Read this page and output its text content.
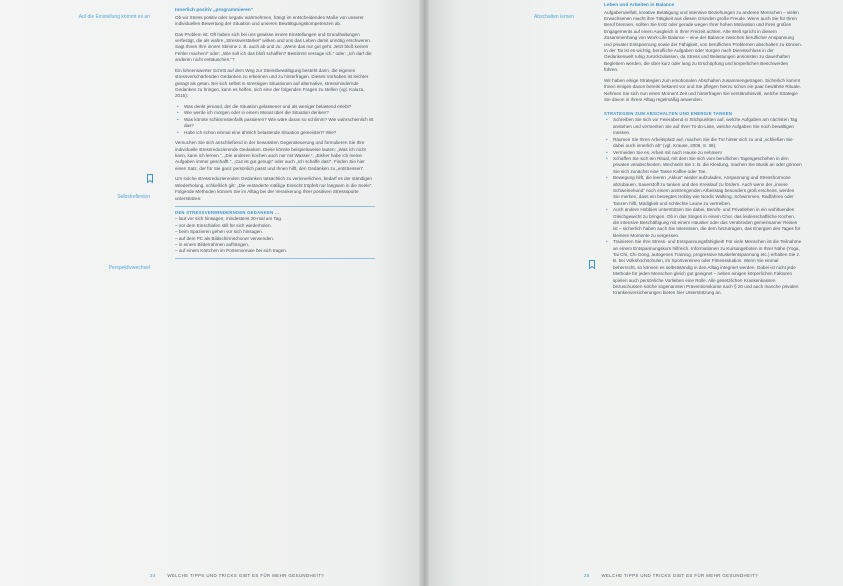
Auf die Einstellung kommt es an
Selbstreflexion
Perspektivwechsel
Innerlich positiv „programmieren“

Ob wir Stress positiv oder negativ wahrnehmen, hängt im entscheidenden Maße von unserer individuellen Bewertung der Situation und unseren Bewältigungskompetenzen ab.

Das Problem ist: Oft haben sich bei uns gewisse innere Einstellungen und Grundhaltungen verfestigt, die als wahre „Stressverstärker“ wirken und uns das Leben damit unnötig erschweren. Sagt Ihnen Ihre innere Stimme z. B. auch ab und zu: „Wenn das nur gut geht. Jetzt bloß keinen Fehler machen!“ oder: „Wie soll ich das bloß schaffen? Bestimmt versage ich.“ oder: „Ich darf die anderen nicht enttäuschen.“?

Ein lohnenswerter Schritt auf dem Weg zur Stressbewältigung besteht darin, die eigenen stressverschärfenden Gedanken zu erkennen und zu hinterfragen. Dieses Vorhaben ist leichter gesagt als getan. Bei sich selbst in stressigen Situationen auf alternative, stressmindernde Gedanken zu bringen, kann es helfen, sich eine der folgenden Fragen zu stellen (vgl. Kaluza, 2015):

• Was denkt jemand, der die Situation gelassener und als weniger belastend erlebt?
• Wie werde ich morgen oder in einem Monat über die Situation denken?
• Was könnte schlimmstenfalls passieren? Wie wäre daran so schlimm? Wie wahrscheinlich ist das?
• Habe ich schon einmal eine ähnlich belastende Situation gemeistert? Wie?

Versuchen Sie sich anschließend in der bewussten Gegensteuerung und formulieren Sie Ihre individuelle stressreduzierende Gedanken. Diese könnte beispielsweise lauten: „Was ich nicht kann, kann ich lernen.“, „Die anderen kochen auch nur mit Wasser.“, „Bisher habe ich meine Aufgaben immer geschafft.“, „Gut ist gut genug!“ oder auch „Ich schaffe das!“. Finden Sie hier einen Satz, der für Sie ganz persönlich passt und Ihnen hilft, den Gedanken zu „entstressen“.

Um solche stressreduzierenden Gedanken tatsächlich zu verinnerlichen, bedarf es der ständigen Wiederholung, schließlich gilt: „Die veränderte mäßige Einsicht tröpfelt nur langsam in die Seele“. Folgende Methoden können Sie im Alltag bei der Verankerung Ihrer positiven Stresssporte unterstützen:

DEN STRESSVERMINDERNDEN GEDANKEN …
– laut vor sich hinsagen, mindestens 20-mal am Tag.
– vor dem Einschlafen still für sich wiederholen.
– beim Spazieren gehen vor sich hinsagen.
– auf dem PC als Bildschirmschoner verwenden.
– in einem Bilderrahmen aufhängen.
– auf einem Kärtchen im Portemonnaie bei sich tragen.
24	WELCHE TIPPS UND TRICKS GIBT ES FÜR MEHR GESUNDHEIT?
Abschalten lernen
Leben und Arbeiten in Balance

Aufgabenvielfalt, kreative Betätigung und intensive Beziehungen zu anderen Menschen – vielen Erwachsenen macht ihre Tätigkeit aus diesen Gründen große Freude. Wenn auch Sie für Ihren Beruf brennen, sollten Sie trotz oder gerade wegen Ihrer hohen Motivation und Ihres großen Engagements auf einen Ausgleich in Ihrer Freizeit achten. Alte Welt spricht in diesem Zusammenhang von Work-Life Balance – eine der Balance zwischen beruflicher Anspannung und privater Entspannung sowie der Fähigkeit, von beruflichen Problemen abschalten zu können. In der Tat ist es wichtig, berufliche Aufgaben oder Sorgen nach Dienstschluss in der Gedankenwelt ruhig zurückzulassen, da Stress und Belastungen ansonsten zu dauerhaften Begleitern werden, die über kurz oder lang zu Erschöpfung und körperlichen Beschwerden führen.

Wir haben einige Strategien zum emotionalen Abschalten zusammengetragen. Sicherlich kommt Ihnen einiges davon bereits bekannt vor und Sie pflegen hierzu schon ein paar bewährte Rituale. Nehmen Sie sich nun einen Moment Zeit und hinterfragen Sie verständnisvoll, welche Strategie Sie davon in Ihrem Alltag regelmäßig anwenden.

STRATEGIEN ZUM ABSCHALTEN UND ENERGIE TANKEN
• Schreiben Sie sich vor Feierabend in Stichpunkten auf, welche Aufgaben am nächsten Tag anstehen und vermerken Sie auf Ihrer To-do-Liste, welche Aufgaben Sie noch bewältigen müssen.
• Räumen Sie Ihren Arbeitsplatz auf, machen Sie die Tür hinter sich zu und „schließen Sie dabei auch innerlich ab“ (vgl. Krause, 2008, S. 38).
• Vermeiden Sie es, Arbeit mit nach Hause zu nehmen!
• Schaffen Sie sich ein Ritual, mit dem Sie sich vom beruflichen Tagesgeschehen in den privaten verabschieden. Wechseln Sie z. B. die Kleidung, machen Sie Musik an oder gönnen Sie sich zunächst eine Tasse Kaffee oder Tee.
• Bewegung hilft, die leeren „Akkus“ wieder aufzuladen, Anspannung und Stresshormone abzubauen, Sauerstoff zu tanken und den Kreislauf zu fördern. Auch wenn der „innere Schweinehund“ noch einem anstrengenden Arbeitstag besonders groß erscheint, werden Sie merken, dass ein bewegtes Hobby wie Nordic Walking, Schwimmen, Radfahren oder Tanzen hilft, Müdigkeit und schlechte Laune zu vertreiben.
• Auch andere Hobbies unterstützen Sie dabei, Berufs- und Privatleben in ein wohltuendes Gleichgewicht zu bringen. Ob in das Singen in einem Chor, das leidenschaftliche Kochen, die intensive Beschäftigung mit einem Haustier oder das Verabreden gemeinsamer Reisen ist – sicherlich haben auch Sie Interessen, die dem hinzutragen, das Energien des Tages für kleinere Momente zu vergessen.
• Trainieren Sie Ihre Stress- und Entspannungsfähigkeit! Für viele Menschen ist die Teilnahme an einem Entspannungskurs hilfreich. Informationen zu Kursangeboten in Ihrer Nähe (Yoga, Tai Chi, Chi Gong, autogenes Training, progressive Muskelentspannung etc.) erhalten Sie z. B. bei Volkshochschulen, im Sportvereinen oder Fitnessstudios. Wenn Sie einmal beherrscht, so können es selbstständig in den Alltag integriert werden. Dabei ist nicht jede Methode für jeden Menschen gleich gut geeignet – neben einigen körperlichen Faktoren spielen auch persönliche Vorlieben eine Rolle. Alle gesetzlichen Krankenkassen bezuschussen solche sogenannten Präventionskurse nach § 20 und auch manche privaten Krankenversicherungen bieten hier Unterstützung an.
25	WELCHE TIPPS UND TRICKS GIBT ES FÜR MEHR GESUNDHEIT?
